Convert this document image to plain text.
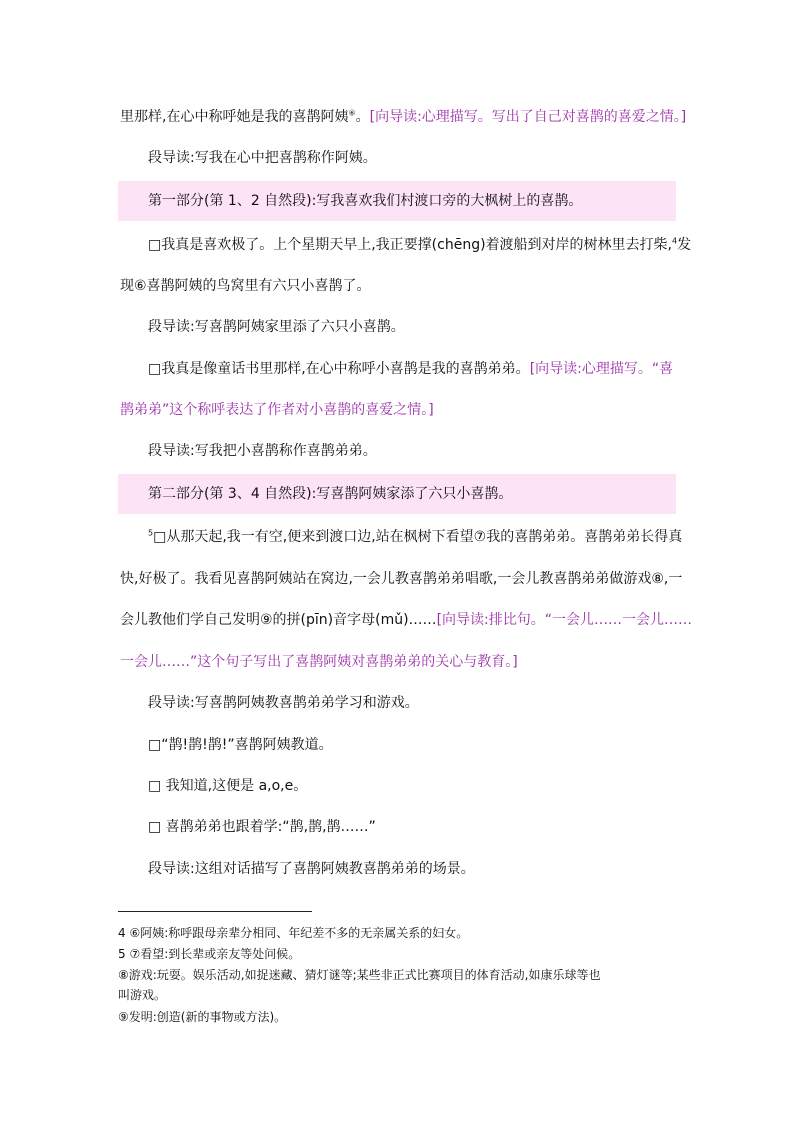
里那样,在心中称呼她是我的喜鹊阿姨⑥。[向导读:心理描写。写出了自己对喜鹊的喜爱之情。]
段导读:写我在心中把喜鹊称作阿姨。
第一部分(第 1、2 自然段):写我喜欢我们村渡口旁的大枫树上的喜鹊。
□我真是喜欢极了。上个星期天早上,我正要撑(chēng)着渡船到对岸的树林里去打柴,$^4$发
现⑥喜鹊阿姨的鸟窝里有六只小喜鹊了。
段导读:写喜鹊阿姨家里添了六只小喜鹊。
□我真是像童话书里那样,在心中称呼小喜鹊是我的喜鹊弟弟。[向导读:心理描写。“喜
鹊弟弟”这个称呼表达了作者对小喜鹊的喜爱之情。]
段导读:写我把小喜鹊称作喜鹊弟弟。
第二部分(第 3、4 自然段):写喜鹊阿姨家添了六只小喜鹊。
$^5$□从那天起,我一有空,便来到渡口边,站在枫树下看望⑦我的喜鹊弟弟。喜鹊弟弟长得真
快,好极了。我看见喜鹊阿姨站在窝边,一会儿教喜鹊弟弟唱歌,一会儿教喜鹊弟弟做游戏⑧,一
会儿教他们学自己发明⑨的拼(pīn)音字母(mǔ)……[向导读:排比句。“一会儿……一会儿……
一会儿……”这个句子写出了喜鹊阿姨对喜鹊弟弟的关心与教育。]
段导读:写喜鹊阿姨教喜鹊弟弟学习和游戏。
□“鹊!鹊!鹊!”喜鹊阿姨教道。
□ 我知道,这便是 a,o,e。
□ 喜鹊弟弟也跟着学:“鹊,鹊,鹊……”
段导读:这组对话描写了喜鹊阿姨教喜鹊弟弟的场景。
4 ⑥阿姨:称呼跟母亲辈分相同、年纪差不多的无亲属关系的妇女。
5 ⑦看望:到长辈或亲友等处问候。
⑧游戏:玩耍。娱乐活动,如捉迷藏、猜灯谜等;某些非正式比赛项目的体育活动,如康乐球等也
叫游戏。
⑨发明:创造(新的事物或方法)。
